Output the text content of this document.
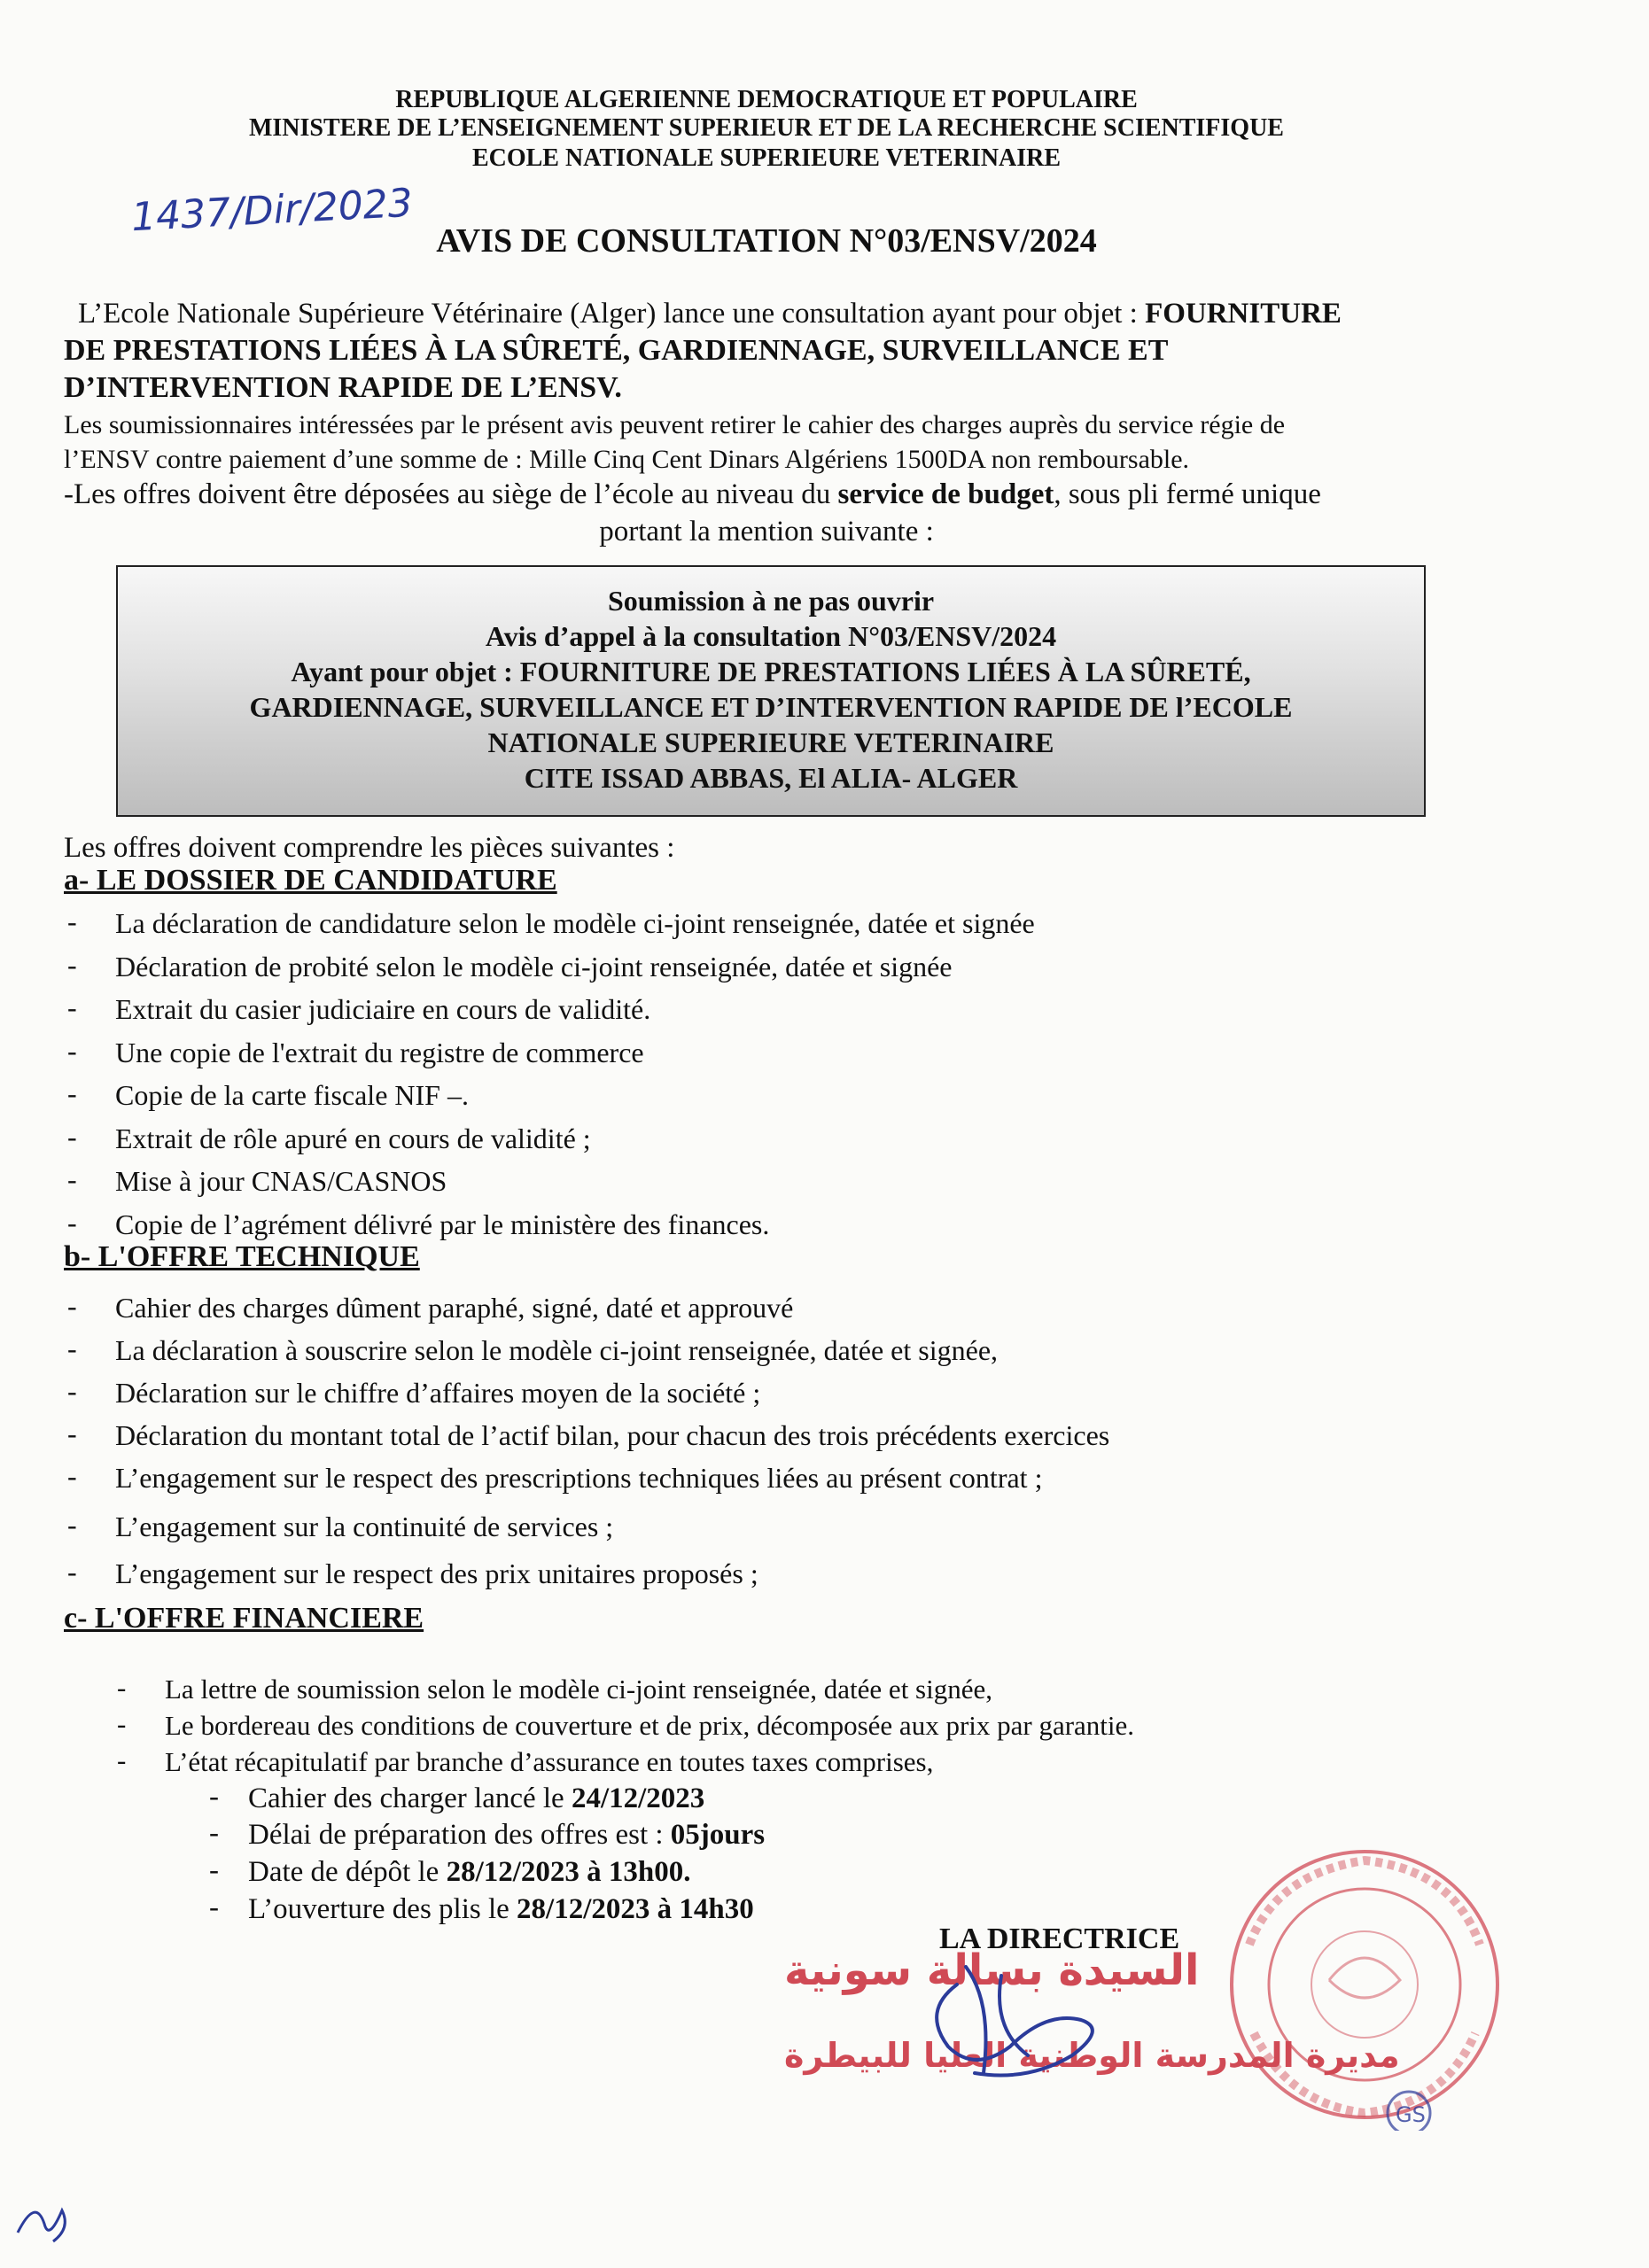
REPUBLIQUE ALGERIENNE DEMOCRATIQUE ET POPULAIRE
MINISTERE DE L’ENSEIGNEMENT SUPERIEUR ET DE LA RECHERCHE SCIENTIFIQUE
ECOLE NATIONALE SUPERIEURE VETERINAIRE
1437/Dir/2023
AVIS DE CONSULTATION N°03/ENSV/2024
L’Ecole Nationale Supérieure Vétérinaire (Alger) lance une consultation ayant pour objet : FOURNITURE
DE PRESTATIONS LIÉES À LA SÛRETÉ, GARDIENNAGE, SURVEILLANCE ET
D’INTERVENTION RAPIDE DE L’ENSV.
Les soumissionnaires intéressées par le présent avis peuvent retirer le cahier des charges auprès du service régie de
l’ENSV contre paiement d’une somme de : Mille Cinq Cent Dinars Algériens 1500DA non remboursable.
-Les offres doivent être déposées au siège de l’école au niveau du service de budget, sous pli fermé unique
portant la mention suivante :
Soumission à ne pas ouvrir
Avis d’appel à la consultation N°03/ENSV/2024
Ayant pour objet : FOURNITURE DE PRESTATIONS LIÉES À LA SÛRETÉ,
GARDIENNAGE, SURVEILLANCE ET D’INTERVENTION RAPIDE DE l’ECOLE
NATIONALE SUPERIEURE VETERINAIRE
CITE ISSAD ABBAS, El ALIA- ALGER
Les offres doivent comprendre les pièces suivantes :
a- LE DOSSIER DE CANDIDATURE
- La déclaration de candidature selon le modèle ci-joint renseignée, datée et signée
- Déclaration de probité selon le modèle ci-joint renseignée, datée et signée
- Extrait du casier judiciaire en cours de validité.
- Une copie de l'extrait du registre de commerce
- Copie de la carte fiscale NIF –.
- Extrait de rôle apuré en cours de validité ;
- Mise à jour CNAS/CASNOS
- Copie de l’agrément délivré par le ministère des finances.
b- L'OFFRE TECHNIQUE
- Cahier des charges dûment paraphé, signé, daté et approuvé
- La déclaration à souscrire selon le modèle ci-joint renseignée, datée et signée,
- Déclaration sur le chiffre d’affaires moyen de la société ;
- Déclaration du montant total de l’actif bilan, pour chacun des trois précédents exercices
- L’engagement sur le respect des prescriptions techniques liées au présent contrat ;
- L’engagement sur la continuité de services ;
- L’engagement sur le respect des prix unitaires proposés ;
c- L'OFFRE FINANCIERE
- La lettre de soumission selon le modèle ci-joint renseignée, datée et signée,
- Le bordereau des conditions de couverture et de prix, décomposée aux prix par garantie.
- L’état récapitulatif par branche d’assurance en toutes taxes comprises,
- Cahier des charger lancé le 24/12/2023
- Délai de préparation des offres est : 05jours
- Date de dépôt le 28/12/2023 à 13h00.
- L’ouverture des plis le 28/12/2023 à 14h30
GS
LA DIRECTRICE
السيدة بسالة سونية
مديرة المدرسة الوطنية العليا للبيطرة
